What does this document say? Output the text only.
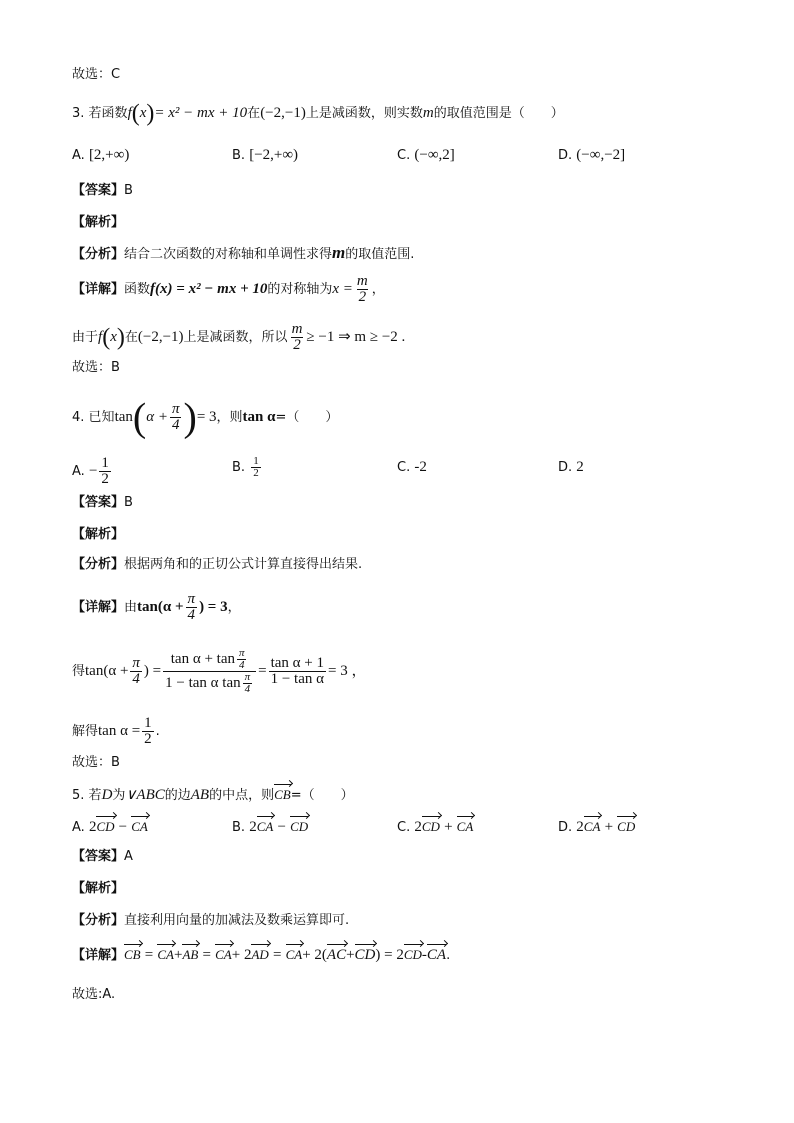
故选：C
3. 若函数f(x)= x² − mx + 10在(−2,−1)上是减函数，则实数m的取值范围是（　　）
A. [2,+∞)	B. [−2,+∞)	C. (−∞,2]	D. (−∞,−2]
【答案】B
【解析】
【分析】结合二次函数的对称轴和单调性求得m的取值范围.
【详解】函数f(x) = x² − mx + 10的对称轴为$x = \frac{m}{2}$ ，
由于f(x)在(−2,−1)上是减函数，所以 $\frac{m}{2} \ge -1$ ⇒ m ≥ −2 .
故选：B
4. 已知$\tan(\alpha + \frac{\pi}{4}$ )= 3，则tan α=（　　）
A. − $\frac{1}{2}$	B. $\frac{1}{2}$	C. -2	D. 2
【答案】B
【解析】
【分析】根据两角和的正切公式计算直接得出结果.
【详解】由$\tan(\alpha + \frac{\pi}{4}$ ) = 3，
得$\tan(\alpha + \frac{\pi}{4}$ ) = $\frac{\tan \alpha + \tan \frac{\pi}{4}}{1 - \tan \alpha \tan \frac{\pi}{4}} = \frac{\text{tan α + 1}}{\text{1 − tan α}} = 3$ ，
解得$\tan \alpha = \frac{1}{2}$ .
故选：B
5. 若D为∨ABC的边AB的中点，则CB=（　　）
A. 2CD − CA	B. 2CA − CD	C. 2CD + CA	D. 2CA + CD
【答案】A
【解析】
【分析】直接利用向量的加减法及数乘运算即可.
【详解】CB = CA+AB = CA+ 2AD = CA+ 2(AC+CD) = 2CD-CA.
故选:A.
